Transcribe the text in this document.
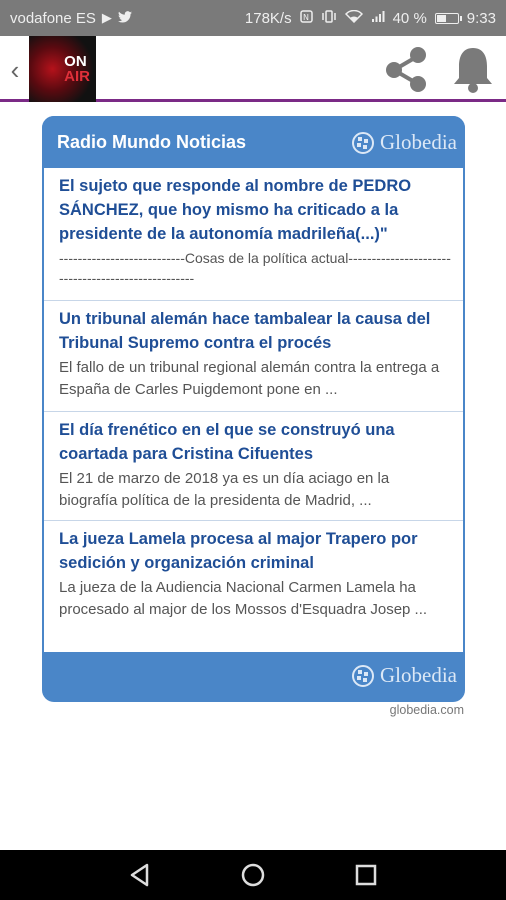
vodafone ES ▶	178K/s N	40 %	9:33
‹	ON
AIR
Radio Mundo Noticias	Globedia
El sujeto que responde al nombre de PEDRO SÁNCHEZ, que hoy mismo ha criticado a la presidente de la autonomía madrileña(...)"
---------------------------Cosas de la política actual---------------------------------------------------
Un tribunal alemán hace tambalear la causa del Tribunal Supremo contra el procés
El fallo de un tribunal regional alemán contra la entrega a España de Carles Puigdemont pone en ...
El día frenético en el que se construyó una coartada para Cristina Cifuentes
El 21 de marzo de 2018 ya es un día aciago en la biografía política de la presidenta de Madrid, ...
La jueza Lamela procesa al major Trapero por sedición y organización criminal
La jueza de la Audiencia Nacional Carmen Lamela ha procesado al major de los Mossos d'Esquadra Josep ...
Globedia
globedia.com
